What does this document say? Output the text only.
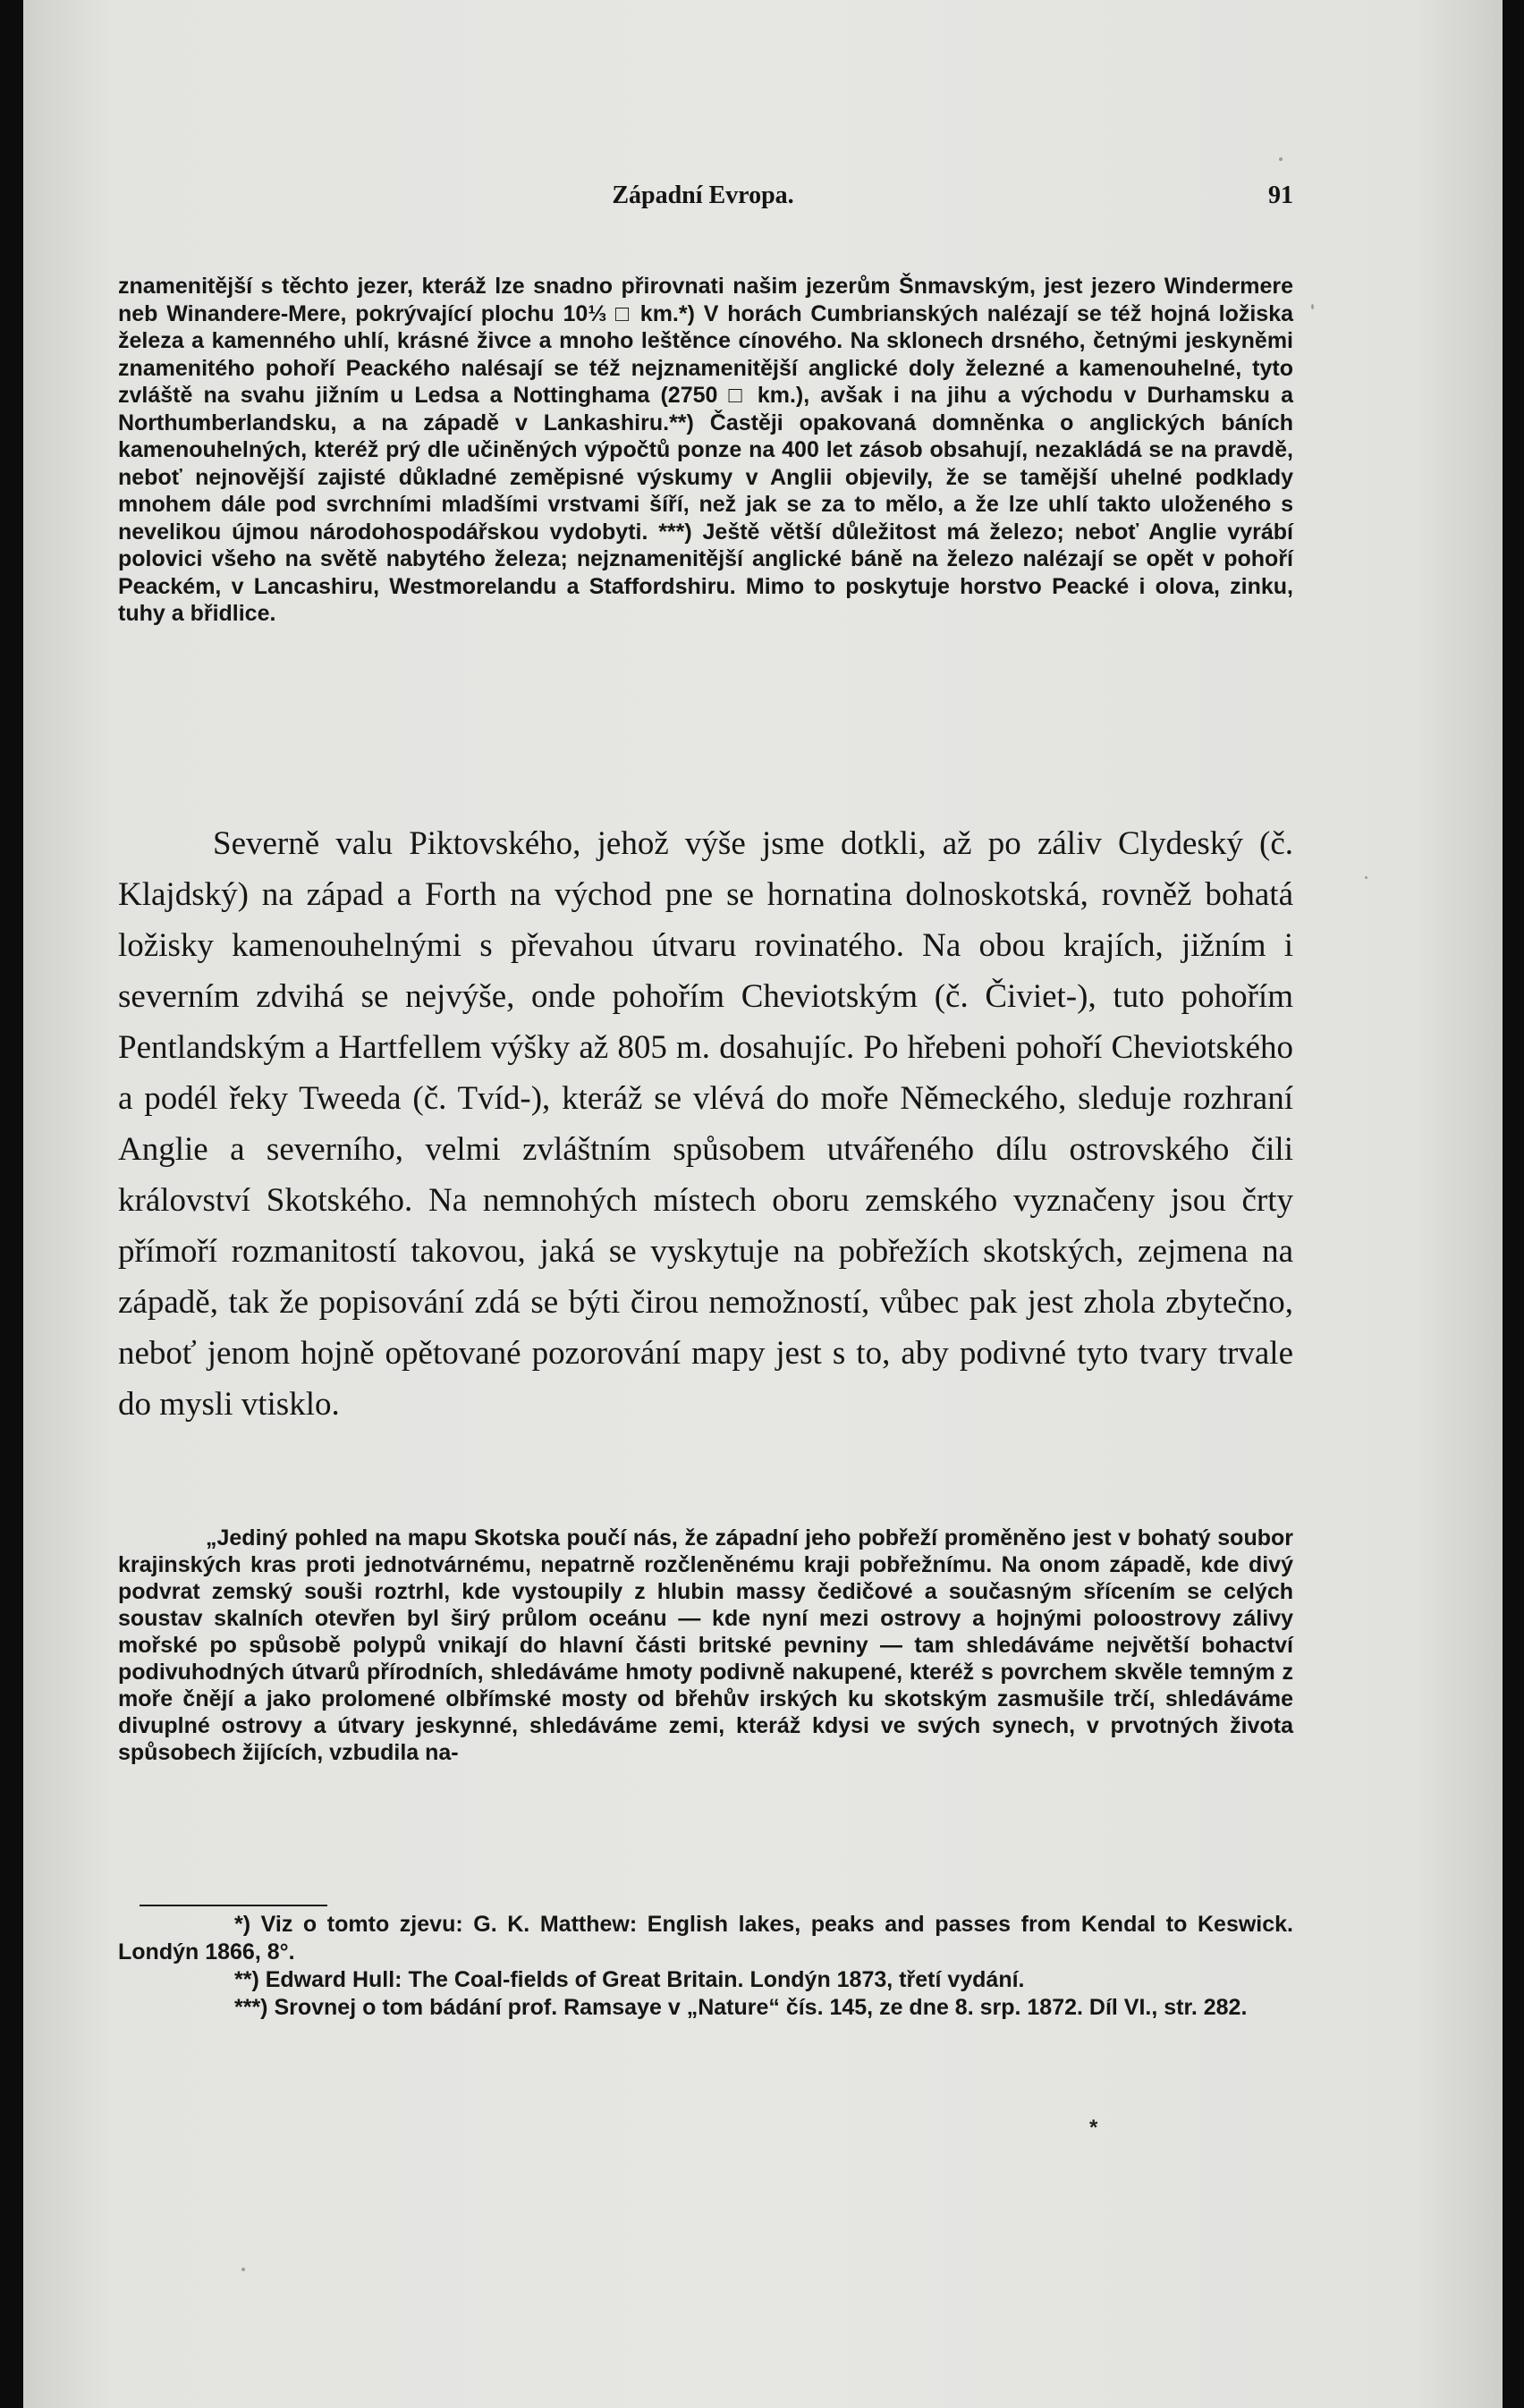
Západní Evropa.	91

znamenitější s těchto jezer, kteráž lze snadno přirovnati našim jezerům Šnmavským, jest jezero Windermere neb Winandere-Mere, pokrývající plochu 10⅓ □ km.*) V horách Cumbrianských nalézají se též hojná ložiska železa a kamenného uhlí, krásné živce a mnoho leštěnce cínového. Na sklonech drsného, četnými jeskyněmi znamenitého pohoří Peackého nalésají se též nejznamenitější anglické doly železné a kamenouhelné, tyto zvláště na svahu jižním u Ledsa a Nottinghama (2750 □ km.), avšak i na jihu a východu v Durhamsku a Northumberlandsku, a na západě v Lankashiru.**) Častěji opakovaná domněnka o anglických báních kamenouhelných, kteréž prý dle učiněných výpočtů ponze na 400 let zásob obsahují, nezakládá se na pravdě, neboť nejnovější zajisté důkladné zeměpisné výskumy v Anglii objevily, že se tamější uhelné podklady mnohem dále pod svrchními mladšími vrstvami šíří, než jak se za to mělo, a že lze uhlí takto uloženého s nevelikou újmou národohospodářskou vydobyti. ***) Ještě větší důležitost má železo; neboť Anglie vyrábí polovici všeho na světě nabytého železa; nejznamenitější anglické báně na železo nalézají se opět v pohoří Peackém, v Lancashiru, Westmorelandu a Staffordshiru. Mimo to poskytuje horstvo Peacké i olova, zinku, tuhy a břidlice.

Severně valu Piktovského, jehož výše jsme dotkli, až po záliv Clydeský (č. Klajdský) na západ a Forth na východ pne se hornatina dolnoskotská, rovněž bohatá ložisky kamenouhelnými s převahou útvaru rovinatého. Na obou krajích, jižním i severním zdvihá se nejvýše, onde pohořím Cheviotským (č. Čiviet-), tuto pohořím Pentlandským a Hartfellem výšky až 805 m. dosahujíc. Po hřebeni pohoří Cheviotského a podél řeky Tweeda (č. Tvíd-), kteráž se vlévá do moře Německého, sleduje rozhraní Anglie a severního, velmi zvláštním spůsobem utvářeného dílu ostrovského čili království Skotského. Na nemnohých místech oboru zemského vyznačeny jsou črty přímoří rozmanitostí takovou, jaká se vyskytuje na pobřežích skotských, zejmena na západě, tak že popisování zdá se býti čirou nemožností, vůbec pak jest zhola zbytečno, neboť jenom hojně opětované pozorování mapy jest s to, aby podivné tyto tvary trvale do mysli vtisklo.

„Jediný pohled na mapu Skotska poučí nás, že západní jeho pobřeží proměněno jest v bohatý soubor krajinských kras proti jednotvárnému, nepatrně rozčleněnému kraji pobřežnímu. Na onom západě, kde divý podvrat zemský souši roztrhl, kde vystoupily z hlubin massy čedičové a současným sřícením se celých soustav skalních otevřen byl širý průlom oceánu — kde nyní mezi ostrovy a hojnými poloostrovy zálivy mořské po spůsobě polypů vnikají do hlavní části britské pevniny — tam shledáváme největší bohactví podivuhodných útvarů přírodních, shledáváme hmoty podivně nakupené, kteréž s povrchem skvěle temným z moře čnějí a jako prolomené olbřímské mosty od břehův irských ku skotským zasmušile trčí, shledáváme divuplné ostrovy a útvary jeskynné, shledáváme zemi, kteráž kdysi ve svých synech, v prvotných života spůsobech žijících, vzbudila na-

*) Viz o tomto zjevu: G. K. Matthew: English lakes, peaks and passes from Kendal to Keswick. Londýn 1866, 8°.

**) Edward Hull: The Coal-fields of Great Britain. Londýn 1873, třetí vydání.

***) Srovnej o tom bádání prof. Ramsaye v „Nature“ čís. 145, ze dne 8. srp. 1872. Díl VI., str. 282.

*
